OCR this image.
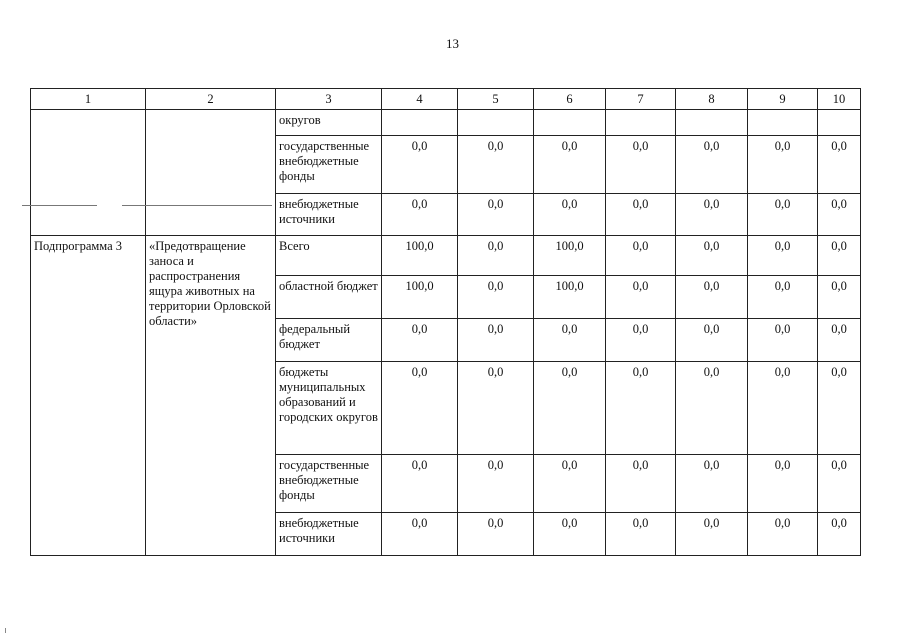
13
1	2	3	4	5	6	7	8	9	10
		округов							
		государственные внебюджетные фонды	0,0	0,0	0,0	0,0	0,0	0,0	0,0
		внебюджетные источники	0,0	0,0	0,0	0,0	0,0	0,0	0,0
Подпрограмма 3	«Предотвращение заноса и распространения ящура животных на территории Орловской области»	Всего	100,0	0,0	100,0	0,0	0,0	0,0	0,0
		областной бюджет	100,0	0,0	100,0	0,0	0,0	0,0	0,0
		федеральный бюджет	0,0	0,0	0,0	0,0	0,0	0,0	0,0
		бюджеты муниципальных образований и городских округов	0,0	0,0	0,0	0,0	0,0	0,0	0,0
		государственные внебюджетные фонды	0,0	0,0	0,0	0,0	0,0	0,0	0,0
		внебюджетные источники	0,0	0,0	0,0	0,0	0,0	0,0	0,0
